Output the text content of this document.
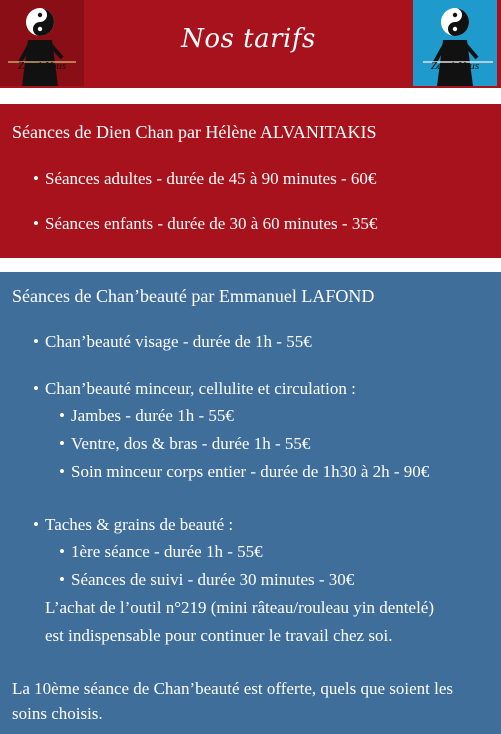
Zen à Vous
Nos tarifs
Zen à Vous
Séances de Dien Chan par Hélène ALVANITAKIS
• Séances adultes - durée de 45 à 90 minutes - 60€
• Séances enfants - durée de 30 à 60 minutes - 35€
Séances de Chan’beauté par Emmanuel LAFOND
• Chan’beauté visage - durée de 1h - 55€
• Chan’beauté minceur, cellulite et circulation :
• Jambes - durée 1h - 55€
• Ventre, dos & bras - durée 1h - 55€
• Soin minceur corps entier - durée de 1h30 à 2h - 90€
• Taches & grains de beauté :
• 1ère séance - durée 1h - 55€
• Séances de suivi - durée 30 minutes - 30€
L’achat de l’outil n°219 (mini râteau/rouleau yin dentelé)
est indispensable pour continuer le travail chez soi.
La 10ème séance de Chan’beauté est offerte, quels que soient les
soins choisis.
